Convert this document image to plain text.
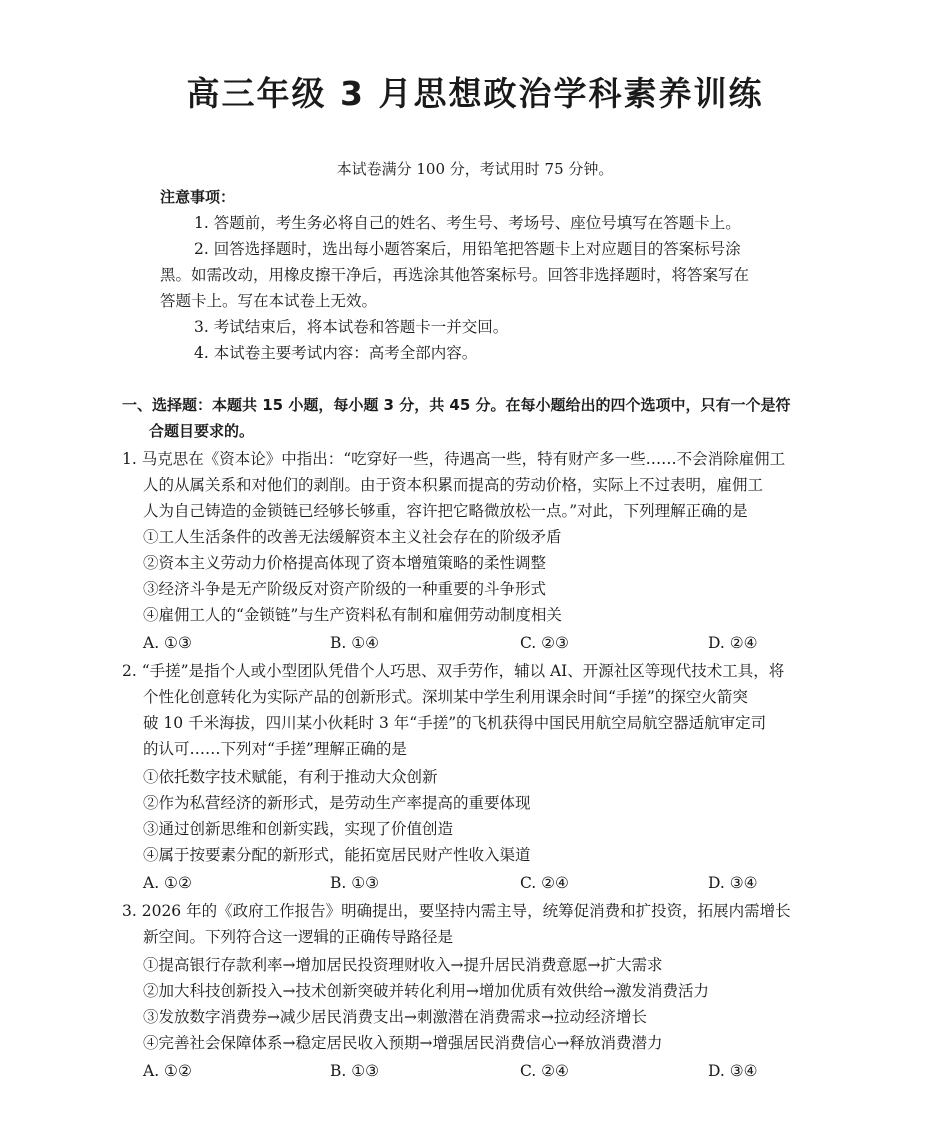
高三年级 3 月思想政治学科素养训练
本试卷满分 100 分，考试用时 75 分钟。
注意事项：
1. 答题前，考生务必将自己的姓名、考生号、考场号、座位号填写在答题卡上。
2. 回答选择题时，选出每小题答案后，用铅笔把答题卡上对应题目的答案标号涂
黑。如需改动，用橡皮擦干净后，再选涂其他答案标号。回答非选择题时，将答案写在
答题卡上。写在本试卷上无效。
3. 考试结束后，将本试卷和答题卡一并交回。
4. 本试卷主要考试内容：高考全部内容。
一、选择题：本题共 15 小题，每小题 3 分，共 45 分。在每小题给出的四个选项中，只有一个是符
合题目要求的。
1. 马克思在《资本论》中指出：“吃穿好一些，待遇高一些，特有财产多一些……不会消除雇佣工
人的从属关系和对他们的剥削。由于资本积累而提高的劳动价格，实际上不过表明，雇佣工
人为自己铸造的金锁链已经够长够重，容许把它略微放松一点。”对此，下列理解正确的是
①工人生活条件的改善无法缓解资本主义社会存在的阶级矛盾
②资本主义劳动力价格提高体现了资本增殖策略的柔性调整
③经济斗争是无产阶级反对资产阶级的一种重要的斗争形式
④雇佣工人的“金锁链”与生产资料私有制和雇佣劳动制度相关
A. ①③	B. ①④	C. ②③	D. ②④
2. “手搓”是指个人或小型团队凭借个人巧思、双手劳作，辅以 AI、开源社区等现代技术工具，将
个性化创意转化为实际产品的创新形式。深圳某中学生利用课余时间“手搓”的探空火箭突
破 10 千米海拔，四川某小伙耗时 3 年“手搓”的飞机获得中国民用航空局航空器适航审定司
的认可……下列对“手搓”理解正确的是
①依托数字技术赋能，有利于推动大众创新
②作为私营经济的新形式，是劳动生产率提高的重要体现
③通过创新思维和创新实践，实现了价值创造
④属于按要素分配的新形式，能拓宽居民财产性收入渠道
A. ①②	B. ①③	C. ②④	D. ③④
3. 2026 年的《政府工作报告》明确提出，要坚持内需主导，统筹促消费和扩投资，拓展内需增长
新空间。下列符合这一逻辑的正确传导路径是
①提高银行存款利率→增加居民投资理财收入→提升居民消费意愿→扩大需求
②加大科技创新投入→技术创新突破并转化利用→增加优质有效供给→激发消费活力
③发放数字消费券→减少居民消费支出→刺激潜在消费需求→拉动经济增长
④完善社会保障体系→稳定居民收入预期→增强居民消费信心→释放消费潜力
A. ①②	B. ①③	C. ②④	D. ③④
